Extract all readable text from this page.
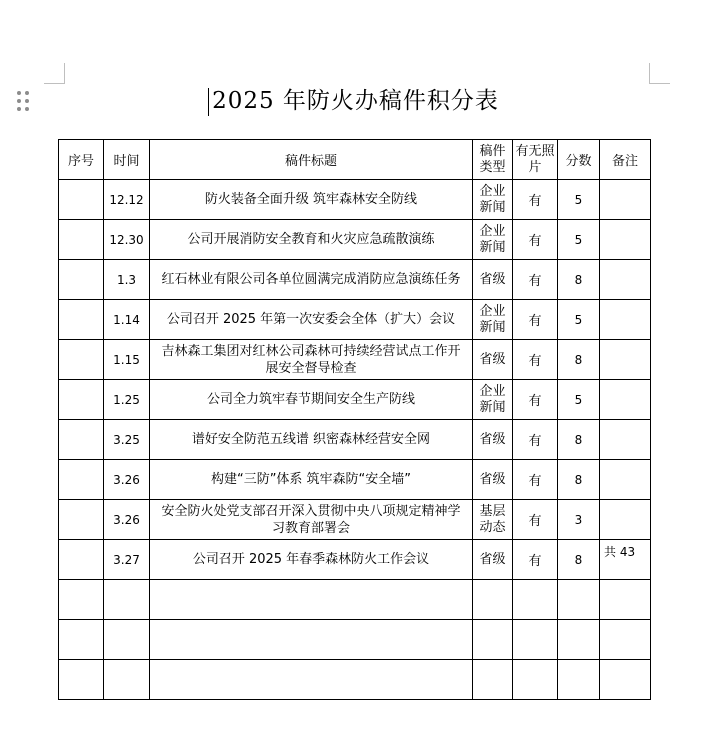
2025 年防火办稿件积分表
序号	时间	稿件标题	稿件类型	有无照片	分数	备注
	12.12	防火装备全面升级 筑牢森林安全防线	企业新闻	有	5	
	12.30	公司开展消防安全教育和火灾应急疏散演练	企业新闻	有	5	
	1.3	红石林业有限公司各单位圆满完成消防应急演练任务	省级	有	8	
	1.14	公司召开 2025 年第一次安委会全体（扩大）会议	企业新闻	有	5	
	1.15	吉林森工集团对红林公司森林可持续经营试点工作开展安全督导检查	省级	有	8	
	1.25	公司全力筑牢春节期间安全生产防线	企业新闻	有	5	
	3.25	谱好安全防范五线谱 织密森林经营安全网	省级	有	8	
	3.26	构建“三防”体系 筑牢森防“安全墙”	省级	有	8	
	3.26	安全防火处党支部召开深入贯彻中央八项规定精神学习教育部署会	基层动态	有	3	
	3.27	公司召开 2025 年春季森林防火工作会议	省级	有	8	共 43
